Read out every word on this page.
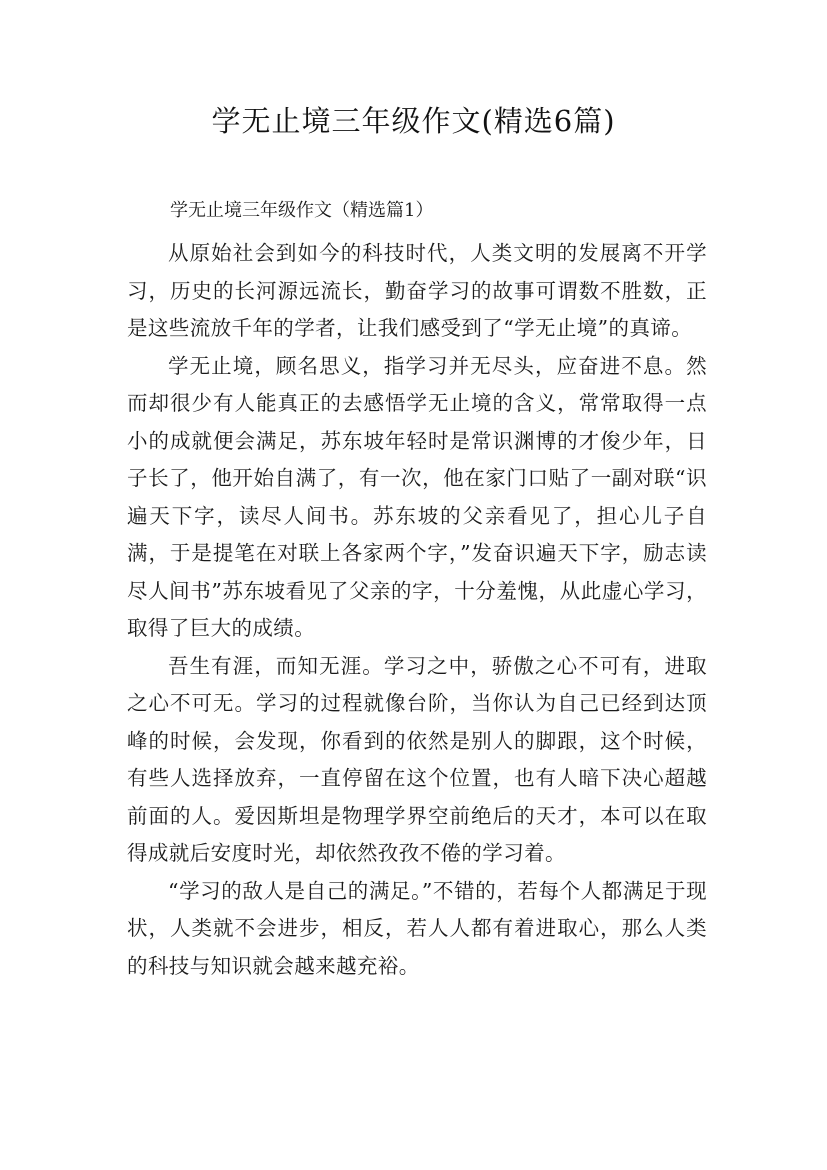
学无止境三年级作文(精选6篇)
学无止境三年级作文（精选篇1）

从原始社会到如今的科技时代，人类文明的发展离不开学习，历史的长河源远流长，勤奋学习的故事可谓数不胜数，正是这些流放千年的学者，让我们感受到了“学无止境”的真谛。

学无止境，顾名思义，指学习并无尽头，应奋进不息。然而却很少有人能真正的去感悟学无止境的含义，常常取得一点小的成就便会满足，苏东坡年轻时是常识渊博的才俊少年，日子长了，他开始自满了，有一次，他在家门口贴了一副对联“识遍天下字，读尽人间书。苏东坡的父亲看见了，担心儿子自满，于是提笔在对联上各家两个字，”发奋识遍天下字，励志读尽人间书”苏东坡看见了父亲的字，十分羞愧，从此虚心学习，取得了巨大的成绩。

吾生有涯，而知无涯。学习之中，骄傲之心不可有，进取之心不可无。学习的过程就像台阶，当你认为自己已经到达顶峰的时候，会发现，你看到的依然是别人的脚跟，这个时候，有些人选择放弃，一直停留在这个位置，也有人暗下决心超越前面的人。爱因斯坦是物理学界空前绝后的天才，本可以在取得成就后安度时光，却依然孜孜不倦的学习着。

“学习的敌人是自己的满足。”不错的，若每个人都满足于现状，人类就不会进步，相反，若人人都有着进取心，那么人类的科技与知识就会越来越充裕。
